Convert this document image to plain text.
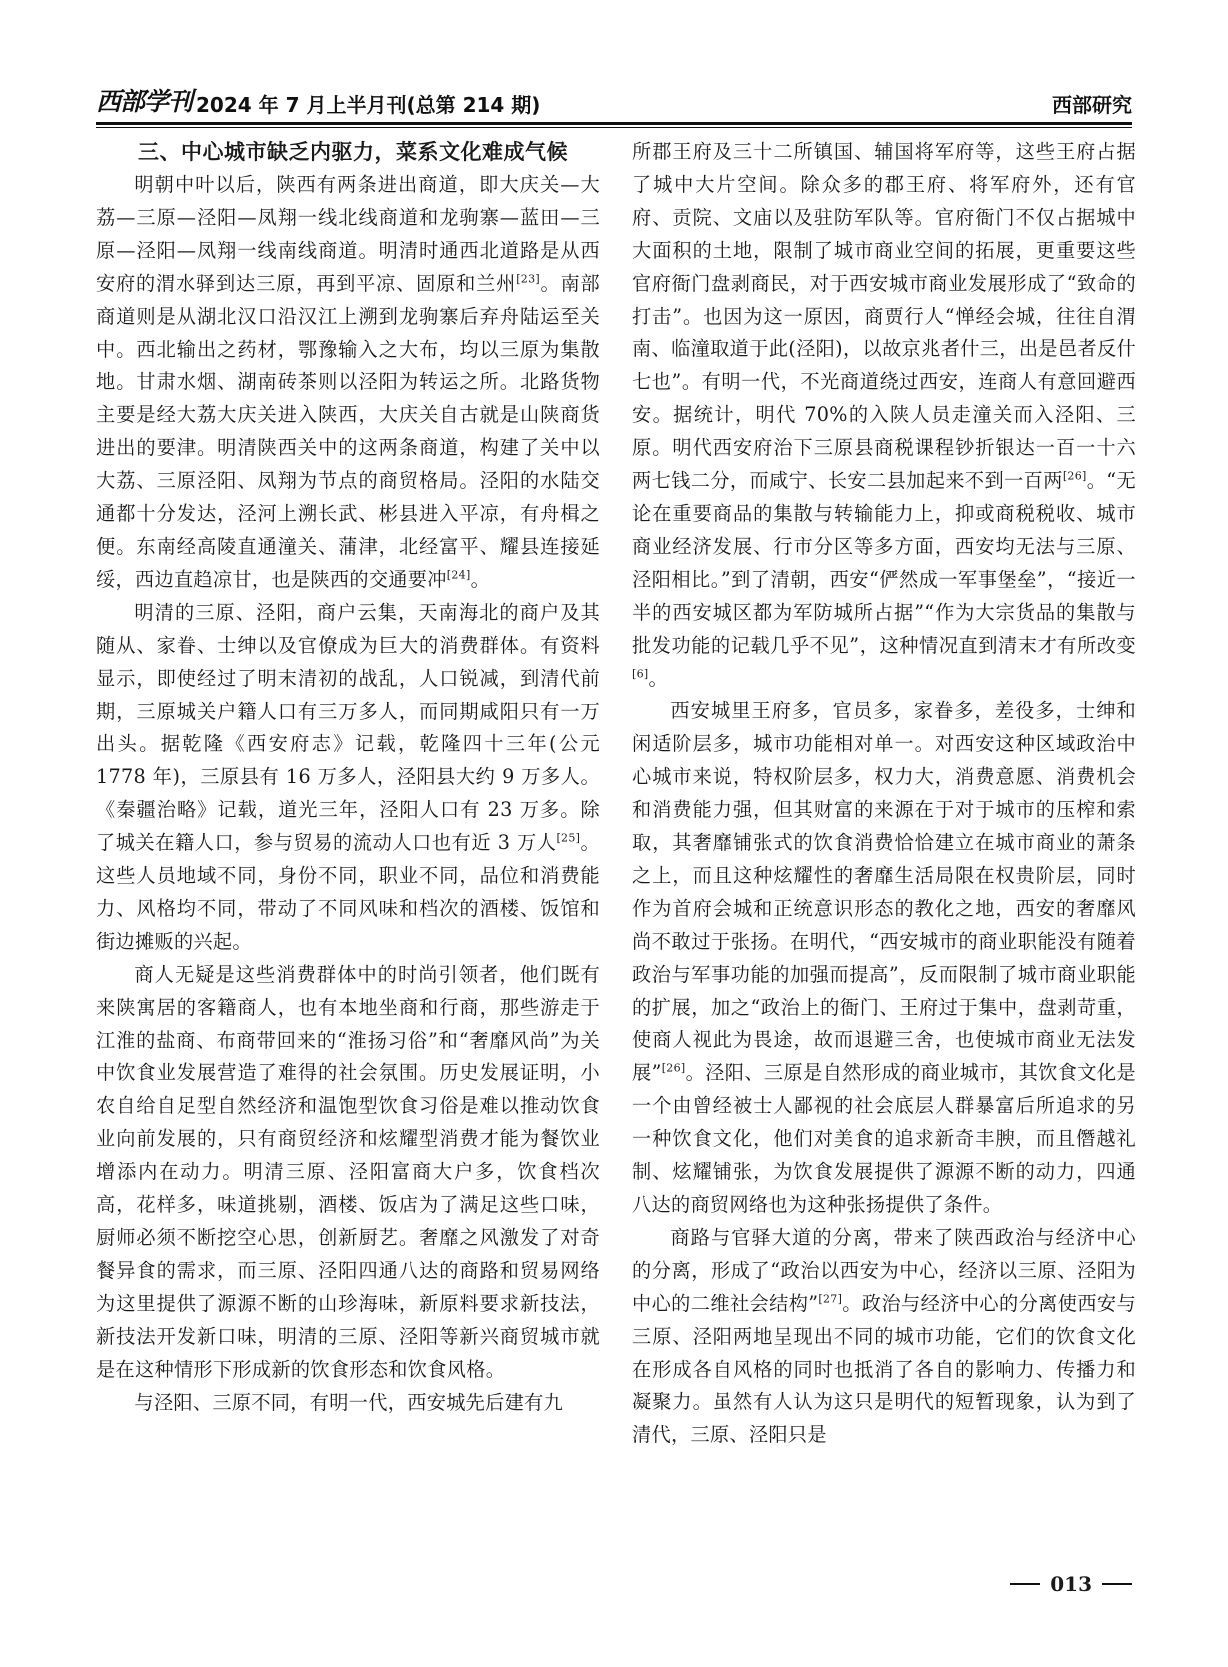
西部学刊 2024 年 7 月上半月刊(总第 214 期)	西部研究
三、中心城市缺乏内驱力，菜系文化难成气候

明朝中叶以后，陕西有两条进出商道，即大庆关—大荔—三原—泾阳—凤翔一线北线商道和龙驹寨—蓝田—三原—泾阳—凤翔一线南线商道。明清时通西北道路是从西安府的渭水驿到达三原，再到平凉、固原和兰州[23]。南部商道则是从湖北汉口沿汉江上溯到龙驹寨后弃舟陆运至关中。西北输出之药材，鄂豫输入之大布，均以三原为集散地。甘肃水烟、湖南砖茶则以泾阳为转运之所。北路货物主要是经大荔大庆关进入陕西，大庆关自古就是山陕商货进出的要津。明清陕西关中的这两条商道，构建了关中以大荔、三原泾阳、凤翔为节点的商贸格局。泾阳的水陆交通都十分发达，泾河上溯长武、彬县进入平凉，有舟楫之便。东南经高陵直通潼关、蒲津，北经富平、耀县连接延绥，西边直趋凉甘，也是陕西的交通要冲[24]。

明清的三原、泾阳，商户云集，天南海北的商户及其随从、家眷、士绅以及官僚成为巨大的消费群体。有资料显示，即使经过了明末清初的战乱，人口锐减，到清代前期，三原城关户籍人口有三万多人，而同期咸阳只有一万出头。据乾隆《西安府志》记载，乾隆四十三年(公元 1778 年)，三原县有 16 万多人，泾阳县大约 9 万多人。《秦疆治略》记载，道光三年，泾阳人口有 23 万多。除了城关在籍人口，参与贸易的流动人口也有近 3 万人[25]。这些人员地域不同，身份不同，职业不同，品位和消费能力、风格均不同，带动了不同风味和档次的酒楼、饭馆和街边摊贩的兴起。

商人无疑是这些消费群体中的时尚引领者，他们既有来陕寓居的客籍商人，也有本地坐商和行商，那些游走于江淮的盐商、布商带回来的“淮扬习俗”和“奢靡风尚”为关中饮食业发展营造了难得的社会氛围。历史发展证明，小农自给自足型自然经济和温饱型饮食习俗是难以推动饮食业向前发展的，只有商贸经济和炫耀型消费才能为餐饮业增添内在动力。明清三原、泾阳富商大户多，饮食档次高，花样多，味道挑剔，酒楼、饭店为了满足这些口味，厨师必须不断挖空心思，创新厨艺。奢靡之风激发了对奇餐异食的需求，而三原、泾阳四通八达的商路和贸易网络为这里提供了源源不断的山珍海味，新原料要求新技法，新技法开发新口味，明清的三原、泾阳等新兴商贸城市就是在这种情形下形成新的饮食形态和饮食风格。

与泾阳、三原不同，有明一代，西安城先后建有九

所郡王府及三十二所镇国、辅国将军府等，这些王府占据了城中大片空间。除众多的郡王府、将军府外，还有官府、贡院、文庙以及驻防军队等。官府衙门不仅占据城中大面积的土地，限制了城市商业空间的拓展，更重要这些官府衙门盘剥商民，对于西安城市商业发展形成了“致命的打击”。也因为这一原因，商贾行人“惮经会城，往往自渭南、临潼取道于此(泾阳)，以故京兆者什三，出是邑者反什七也”。有明一代，不光商道绕过西安，连商人有意回避西安。据统计，明代 70%的入陕人员走潼关而入泾阳、三原。明代西安府治下三原县商税课程钞折银达一百一十六两七钱二分，而咸宁、长安二县加起来不到一百两[26]。“无论在重要商品的集散与转输能力上，抑或商税税收、城市商业经济发展、行市分区等多方面，西安均无法与三原、泾阳相比。”到了清朝，西安“俨然成一军事堡垒”，“接近一半的西安城区都为军防城所占据”“作为大宗货品的集散与批发功能的记载几乎不见”，这种情况直到清末才有所改变[6]。

西安城里王府多，官员多，家眷多，差役多，士绅和闲适阶层多，城市功能相对单一。对西安这种区域政治中心城市来说，特权阶层多，权力大，消费意愿、消费机会和消费能力强，但其财富的来源在于对于城市的压榨和索取，其奢靡铺张式的饮食消费恰恰建立在城市商业的萧条之上，而且这种炫耀性的奢靡生活局限在权贵阶层，同时作为首府会城和正统意识形态的教化之地，西安的奢靡风尚不敢过于张扬。在明代，“西安城市的商业职能没有随着政治与军事功能的加强而提高”，反而限制了城市商业职能的扩展，加之“政治上的衙门、王府过于集中，盘剥苛重，使商人视此为畏途，故而退避三舍，也使城市商业无法发展”[26]。泾阳、三原是自然形成的商业城市，其饮食文化是一个由曾经被士人鄙视的社会底层人群暴富后所追求的另一种饮食文化，他们对美食的追求新奇丰腴，而且僭越礼制、炫耀铺张，为饮食发展提供了源源不断的动力，四通八达的商贸网络也为这种张扬提供了条件。

商路与官驿大道的分离，带来了陕西政治与经济中心的分离，形成了“政治以西安为中心，经济以三原、泾阳为中心的二维社会结构”[27]。政治与经济中心的分离使西安与三原、泾阳两地呈现出不同的城市功能，它们的饮食文化在形成各自风格的同时也抵消了各自的影响力、传播力和凝聚力。虽然有人认为这只是明代的短暂现象，认为到了清代，三原、泾阳只是

013
